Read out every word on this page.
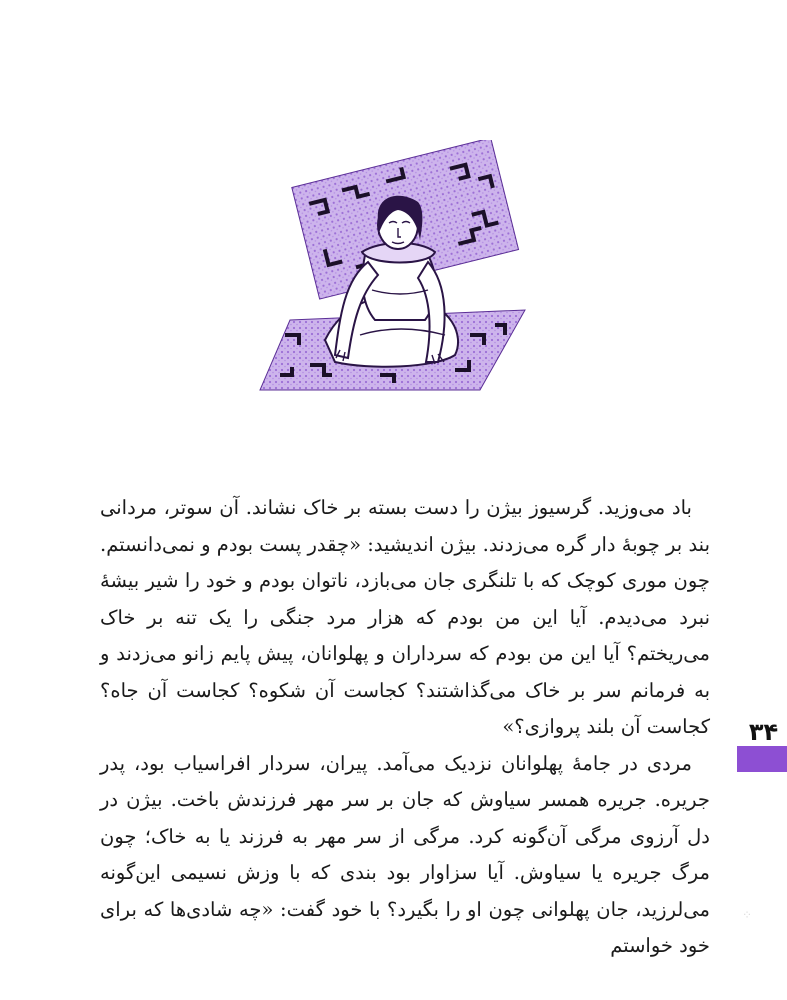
باد می‌وزید. گرسیوز بیژن را دست بسته بر خاک نشاند. آن سوتر، مردانی بند بر چوبهٔ دار گره می‌زدند. بیژن اندیشید: «چقدر پست بودم و نمی‌دانستم. چون موری کوچک که با تلنگری جان می‌بازد، ناتوان بودم و خود را شیر بیشهٔ نبرد می‌دیدم. آیا این من بودم که هزار مرد جنگی را یک تنه بر خاک می‌ریختم؟ آیا این من بودم که سرداران و پهلوانان، پیش پایم زانو می‌زدند و به فرمانم سر بر خاک می‌گذاشتند؟ کجاست آن شکوه؟ کجاست آن جاه؟ کجاست آن بلند پروازی؟»

مردی در جامهٔ پهلوانان نزدیک می‌آمد. پیران، سردار افراسیاب بود، پدر جریره. جریره همسر سیاوش که جان بر سر مهر فرزندش باخت. بیژن در دل آرزوی مرگی آن‌گونه کرد. مرگی از سر مهر به فرزند یا به خاک؛ چون مرگ جریره یا سیاوش. آیا سزاوار بود بندی که با وزش نسیمی این‌گونه می‌لرزید، جان پهلوانی چون او را بگیرد؟ با خود گفت: «چه شادی‌ها که برای خود خواستم

۳۴
⁘
